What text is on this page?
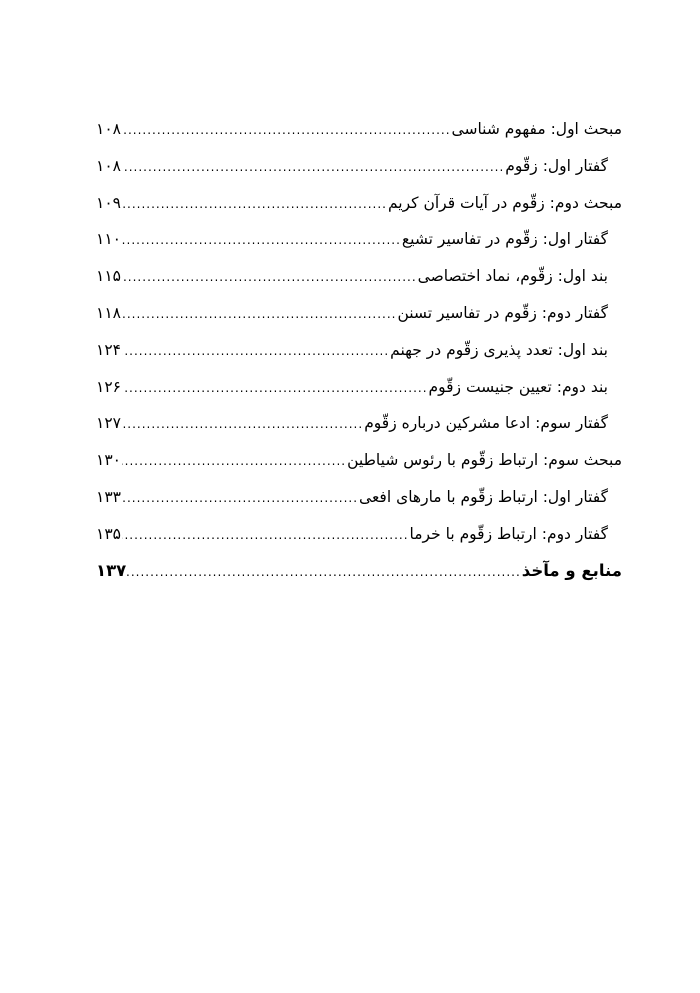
مبحث اول: مفهوم شناسی
.....
۱۰۸
گفتار اول: زقّوم
.....
۱۰۸
مبحث دوم: زقّوم در آیات قرآن کریم
.....
۱۰۹
گفتار اول: زقّوم در تفاسیر تشیع
.....
۱۱۰
بند اول: زقّوم، نماد اختصاصی
.....
۱۱۵
گفتار دوم: زقّوم در تفاسیر تسنن
.....
۱۱۸
بند اول: تعدد پذیری زقّوم در جهنم
.....
۱۲۴
بند دوم: تعیین جنیست زقّوم
.....
۱۲۶
گفتار سوم: ادعا مشرکین درباره زقّوم
.....
۱۲۷
مبحث سوم: ارتباط زقّوم با رئوس شیاطین
.....
۱۳۰
گفتار اول: ارتباط زقّوم با مارهای افعی
.....
۱۳۳
گفتار دوم: ارتباط زقّوم با خرما
.....
۱۳۵
منابع و مآخذ
.....
۱۳۷
